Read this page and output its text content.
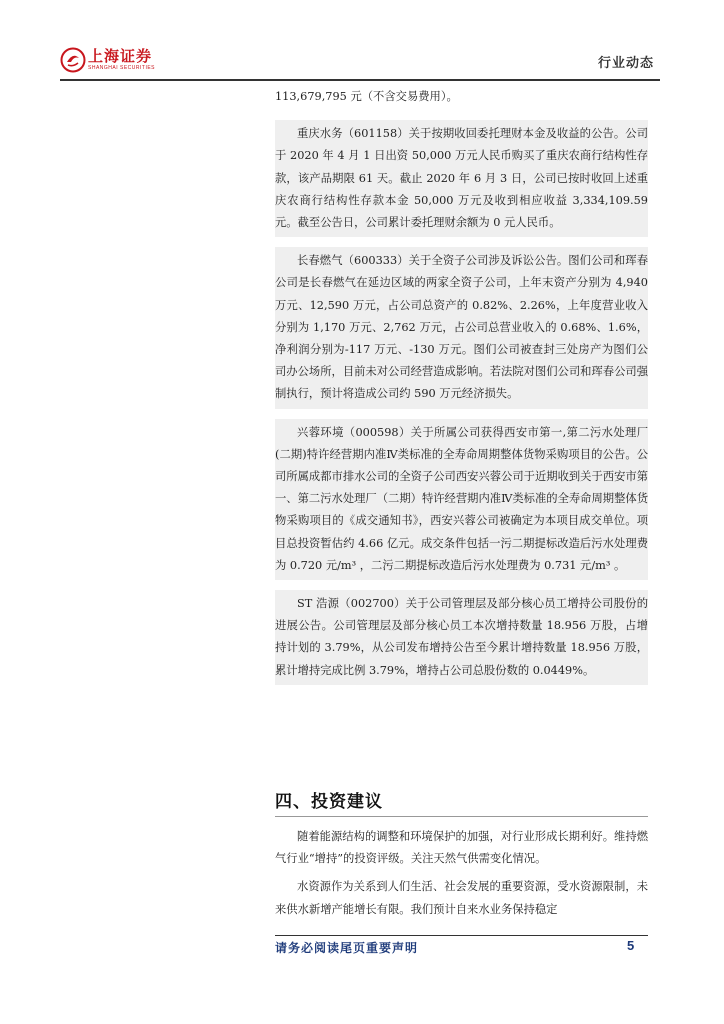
上海证券
SHANGHAI SECURITIES	行业动态

113,679,795 元（不含交易费用）。

重庆水务（601158）关于按期收回委托理财本金及收益的公告。公司于 2020 年 4 月 1 日出资 50,000 万元人民币购买了重庆农商行结构性存款，该产品期限 61 天。截止 2020 年 6 月 3 日，公司已按时收回上述重庆农商行结构性存款本金 50,000 万元及收到相应收益 3,334,109.59 元。截至公告日，公司累计委托理财余额为 0 元人民币。

长春燃气（600333）关于全资子公司涉及诉讼公告。图们公司和珲春公司是长春燃气在延边区域的两家全资子公司，上年末资产分别为 4,940 万元、12,590 万元，占公司总资产的 0.82%、2.26%，上年度营业收入分别为 1,170 万元、2,762 万元，占公司总营业收入的 0.68%、1.6%，净利润分别为-117 万元、-130 万元。图们公司被查封三处房产为图们公司办公场所，目前未对公司经营造成影响。若法院对图们公司和珲春公司强制执行，预计将造成公司约 590 万元经济损失。

兴蓉环境（000598）关于所属公司获得西安市第一,第二污水处理厂(二期)特许经营期内准Ⅳ类标准的全寿命周期整体货物采购项目的公告。公司所属成都市排水公司的全资子公司西安兴蓉公司于近期收到关于西安市第一、第二污水处理厂（二期）特许经营期内准Ⅳ类标准的全寿命周期整体货物采购项目的《成交通知书》，西安兴蓉公司被确定为本项目成交单位。项目总投资暂估约 4.66 亿元。成交条件包括一污二期提标改造后污水处理费为 0.720 元/m³ ，二污二期提标改造后污水处理费为 0.731 元/m³ 。

ST 浩源（002700）关于公司管理层及部分核心员工增持公司股份的进展公告。公司管理层及部分核心员工本次增持数量 18.956 万股，占增持计划的 3.79%，从公司发布增持公告至今累计增持数量 18.956 万股，累计增持完成比例 3.79%，增持占公司总股份数的 0.0449%。

四、投资建议

随着能源结构的调整和环境保护的加强，对行业形成长期利好。维持燃气行业“增持”的投资评级。关注天然气供需变化情况。

水资源作为关系到人们生活、社会发展的重要资源，受水资源限制，未来供水新增产能增长有限。我们预计自来水业务保持稳定

请务必阅读尾页重要声明	5
